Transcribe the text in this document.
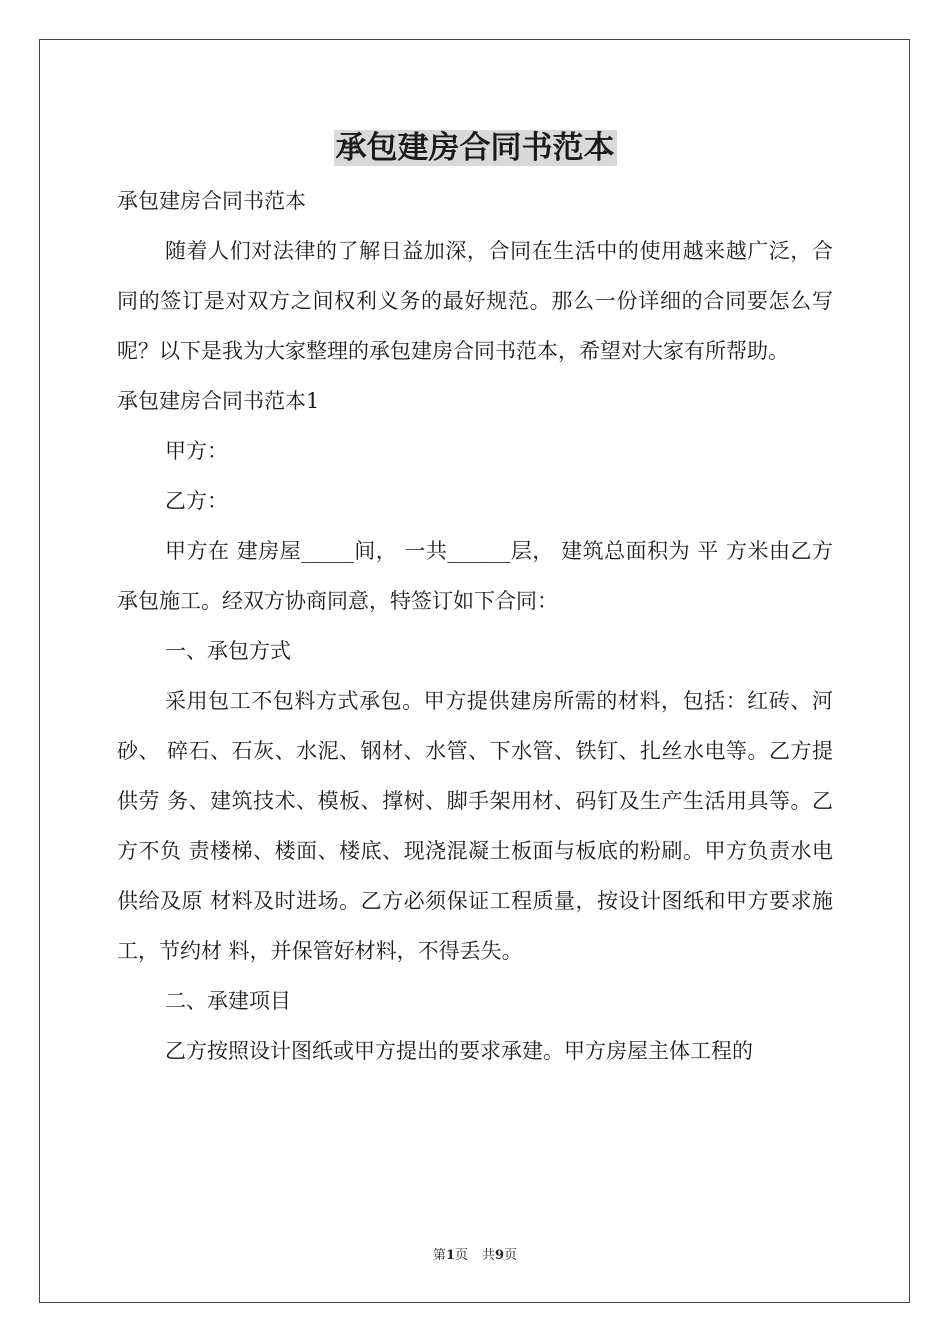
承包建房合同书范本

承包建房合同书范本

随着人们对法律的了解日益加深，合同在生活中的使用越来越广泛，合同的签订是对双方之间权利义务的最好规范。那么一份详细的合同要怎么写呢？以下是我为大家整理的承包建房合同书范本，希望对大家有所帮助。

承包建房合同书范本1

甲方：

乙方：

甲方在 建房屋_____间， 一共______层， 建筑总面积为 平 方米由乙方承包施工。经双方协商同意，特签订如下合同：

一、承包方式

采用包工不包料方式承包。甲方提供建房所需的材料，包括：红砖、河砂、 碎石、石灰、水泥、钢材、水管、下水管、铁钉、扎丝水电等。乙方提供劳 务、建筑技术、模板、撑树、脚手架用材、码钉及生产生活用具等。乙方不负 责楼梯、楼面、楼底、现浇混凝土板面与板底的粉刷。甲方负责水电供给及原 材料及时进场。乙方必须保证工程质量，按设计图纸和甲方要求施工，节约材 料，并保管好材料，不得丢失。

二、承建项目

乙方按照设计图纸或甲方提出的要求承建。甲方房屋主体工程的

第1页 共9页
